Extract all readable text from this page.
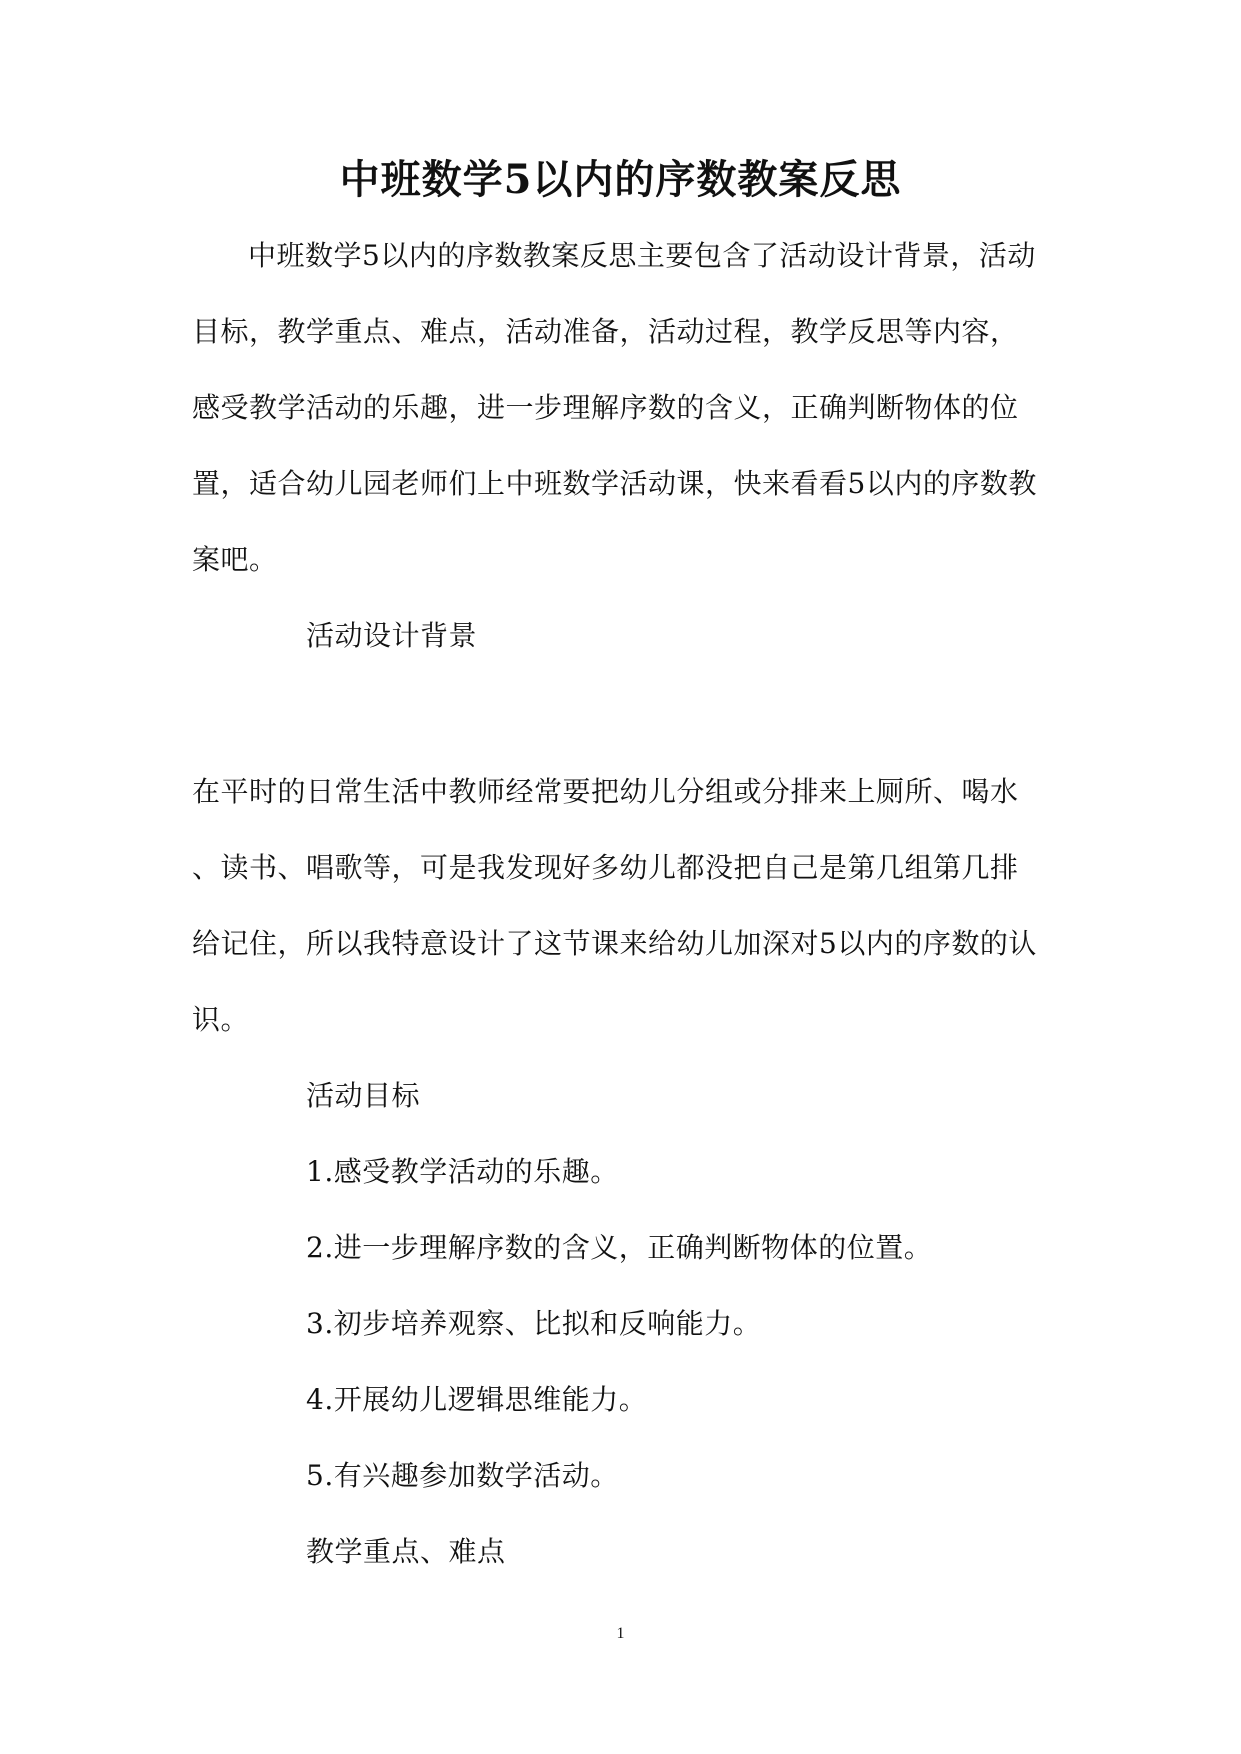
中班数学5以内的序数教案反思
中班数学5以内的序数教案反思主要包含了活动设计背景，活动
目标，教学重点、难点，活动准备，活动过程，教学反思等内容，
感受教学活动的乐趣，进一步理解序数的含义，正确判断物体的位
置，适合幼儿园老师们上中班数学活动课，快来看看5以内的序数教
案吧。
活动设计背景
在平时的日常生活中教师经常要把幼儿分组或分排来上厕所、喝水
、读书、唱歌等，可是我发现好多幼儿都没把自己是第几组第几排
给记住，所以我特意设计了这节课来给幼儿加深对5以内的序数的认
识。
活动目标
1.感受教学活动的乐趣。
2.进一步理解序数的含义，正确判断物体的位置。
3.初步培养观察、比拟和反响能力。
4.开展幼儿逻辑思维能力。
5.有兴趣参加数学活动。
教学重点、难点
1
